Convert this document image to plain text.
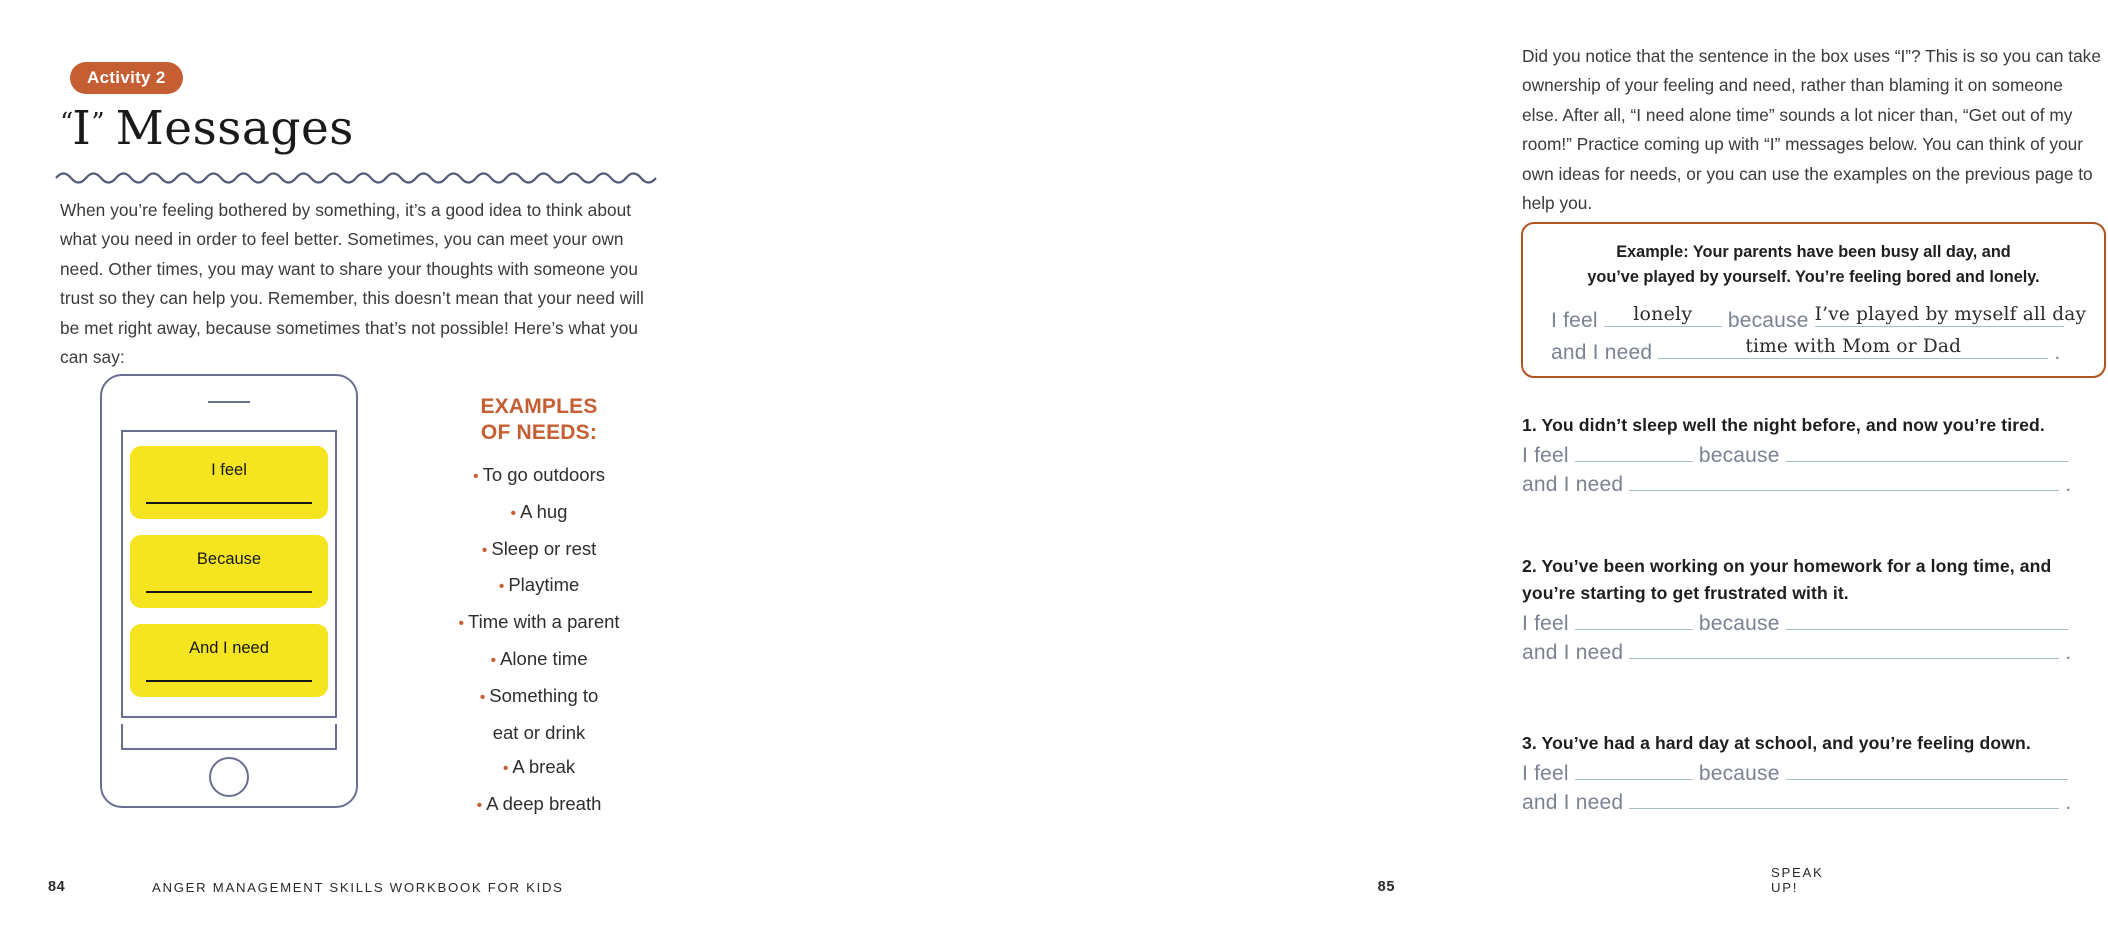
Activity 2
“I” Messages
When you’re feeling bothered by something, it’s a good idea to think about what you need in order to feel better. Sometimes, you can meet your own need. Other times, you may want to share your thoughts with someone you trust so they can help you. Remember, this doesn’t mean that your need will be met right away, because sometimes that’s not possible! Here’s what you can say:
I feel
Because
And I need
EXAMPLES
OF NEEDS:
• To go outdoors
• A hug
• Sleep or rest
• Playtime
• Time with a parent
• Alone time
• Something to
eat or drink
• A break
• A deep breath
84	ANGER MANAGEMENT SKILLS WORKBOOK FOR KIDS
Did you notice that the sentence in the box uses “I”? This is so you can take ownership of your feeling and need, rather than blaming it on someone else. After all, “I need alone time” sounds a lot nicer than, “Get out of my room!” Practice coming up with “I” messages below. You can think of your own ideas for needs, or you can use the examples on the previous page to help you.
Example: Your parents have been busy all day, and
you’ve played by yourself. You’re feeling bored and lonely.
I feel	lonely	because I’ve played by myself all day
and I need	time with Mom or Dad	.
1. You didn’t sleep well the night before, and now you’re tired.
I feel	because
and I need	.
2. You’ve been working on your homework for a long time, and you’re starting to get frustrated with it.
I feel	because
and I need	.
3. You’ve had a hard day at school, and you’re feeling down.
I feel	because
and I need	.
SPEAK UP!
85
